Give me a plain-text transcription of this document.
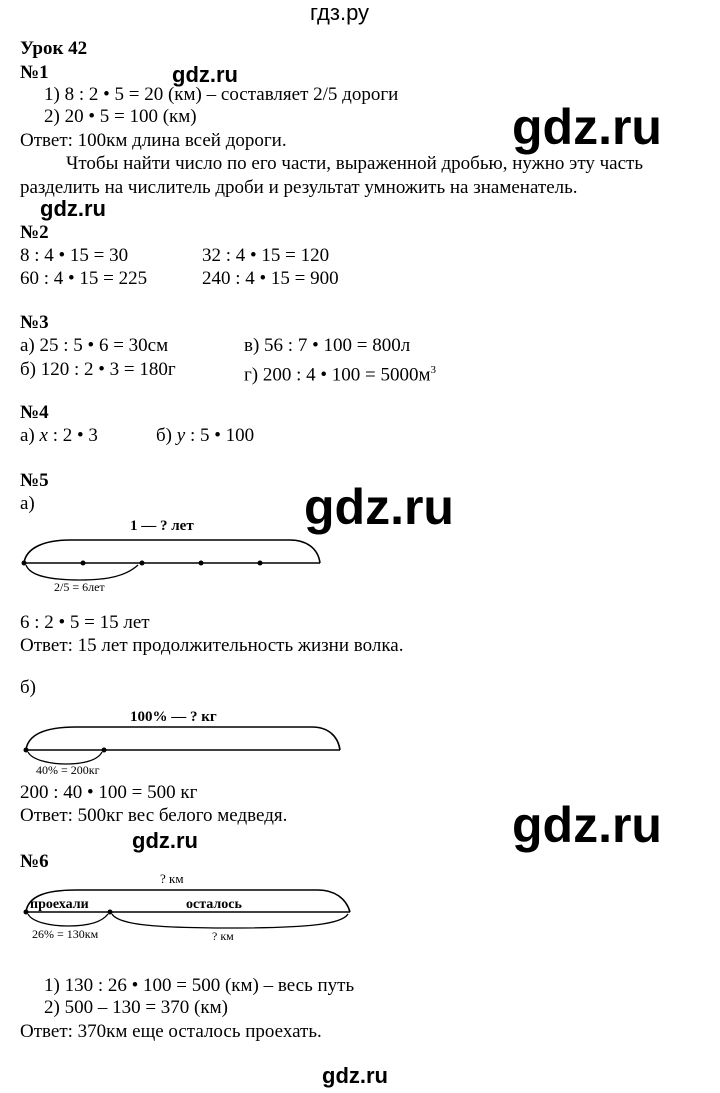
гдз.ру
gdz.ru
gdz.ru
gdz.ru
gdz.ru
gdz.ru
gdz.ru
gdz.ru
Урок 42
№1
1) 8 : 2 • 5 = 20 (км) – составляет 2/5 дороги
2) 20 • 5 = 100 (км)
Ответ: 100км длина всей дороги.
Чтобы найти число по его части, выраженной дробью, нужно эту часть
разделить на числитель дроби и результат умножить на знаменатель.
№2
8 : 4 • 15 = 30	32 : 4 • 15 = 120
60 : 4 • 15 = 225	240 : 4 • 15 = 900
№3
а) 25 : 5 • 6 = 30см	в) 56 : 7 • 100 = 800л
б) 120 : 2 • 3 = 180г	г) 200 : 4 • $100 = 5000м^3$
№4
а) x : 2 • 3	б) y : 5 • 100
№5
а)
1 — ? лет
2/5 = 6лет
6 : 2 • 5 = 15 лет
Ответ: 15 лет продолжительность жизни волка.
б)
100% — ? кг
40% = 200кг
200 : 40 • 100 = 500 кг
Ответ: 500кг вес белого медведя.
№6
? км
проехали	осталось
26% = 130км	? км
1) 130 : 26 • 100 = 500 (км) – весь путь
2) 500 – 130 = 370 (км)
Ответ: 370км еще осталось проехать.
